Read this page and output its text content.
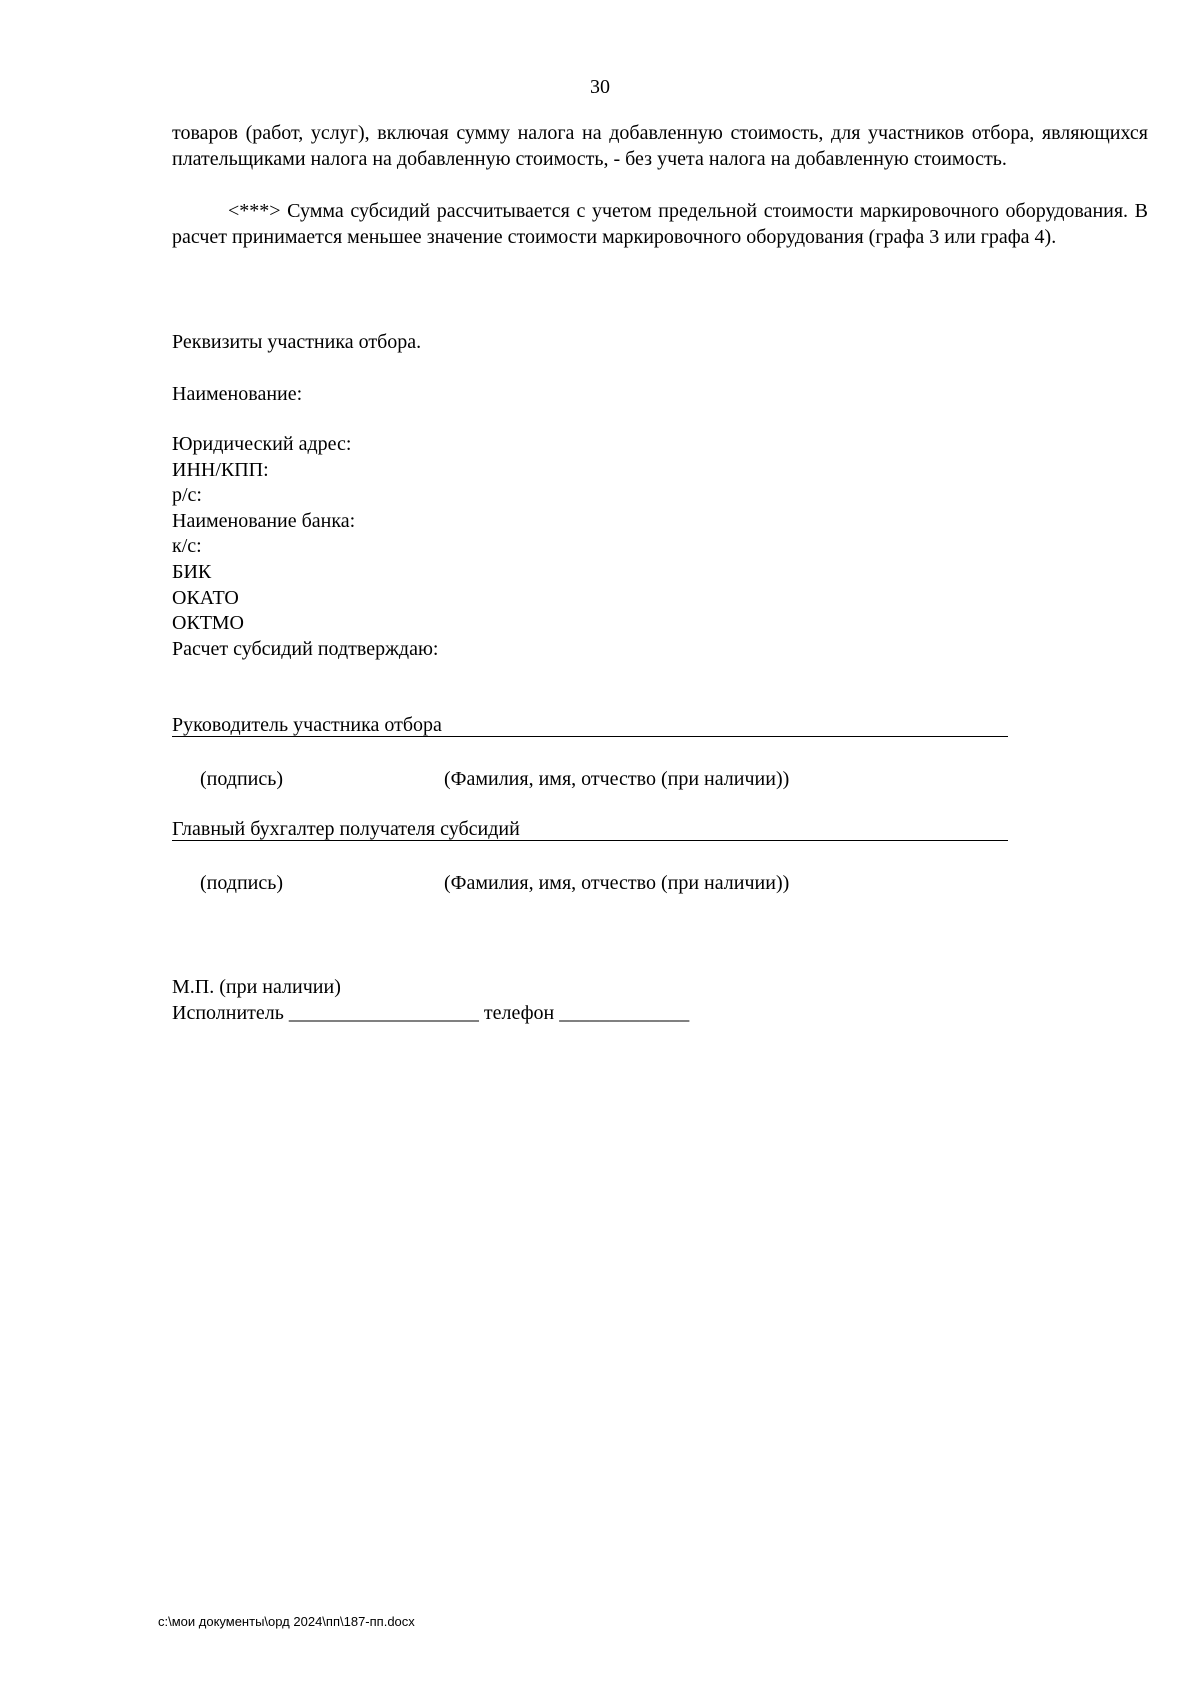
30
товаров (работ, услуг), включая сумму налога на добавленную стоимость, для участников отбора, являющихся плательщиками налога на добавленную стоимость, - без учета налога на добавленную стоимость.
<***> Сумма субсидий рассчитывается с учетом предельной стоимости маркировочного оборудования. В расчет принимается меньшее значение стоимости маркировочного оборудования (графа 3 или графа 4).
Реквизиты участника отбора.
Наименование:
Юридический адрес:
ИНН/КПП:
р/с:
Наименование банка:
к/с:
БИК
ОКАТО
ОКТМО
Расчет субсидий подтверждаю:
Руководитель участника отбора
(подпись)	(Фамилия, имя, отчество (при наличии))
Главный бухгалтер получателя субсидий
(подпись)	(Фамилия, имя, отчество (при наличии))
М.П. (при наличии)
Исполнитель ___________________ телефон _____________
c:\мои документы\орд 2024\пп\187-пп.docx
